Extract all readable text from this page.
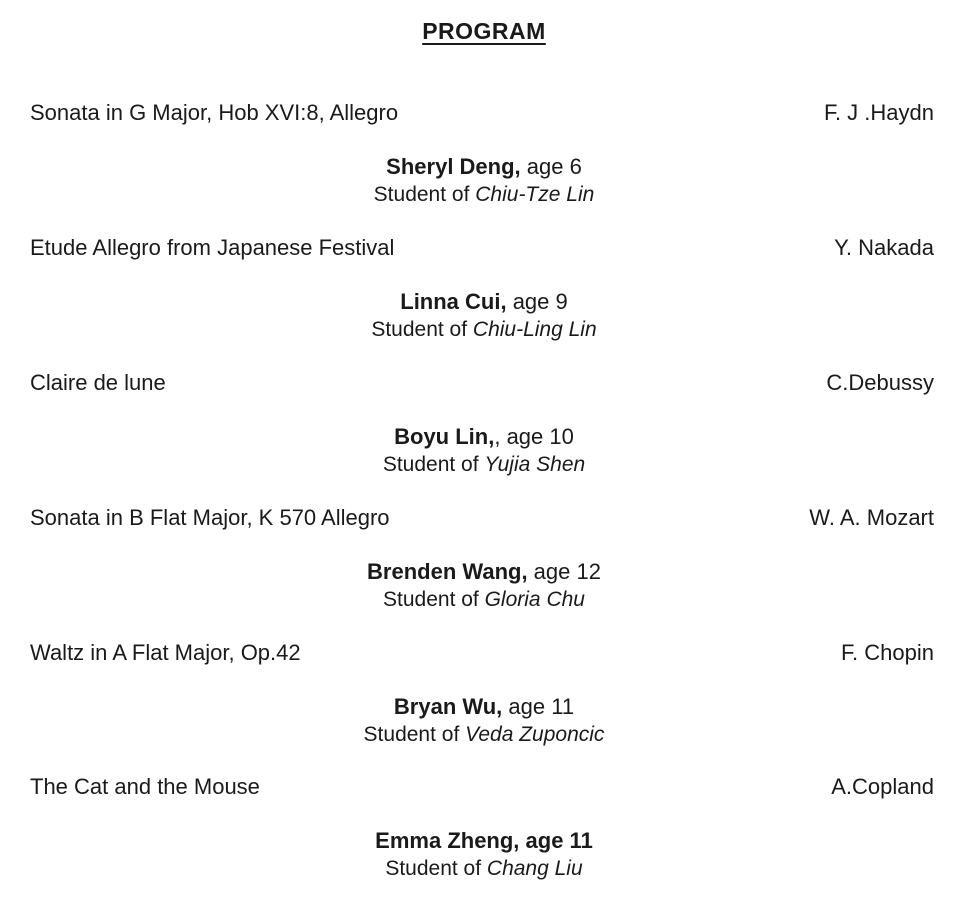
PROGRAM
Sonata in G Major, Hob XVI:8, Allegro	F. J .Haydn
Sheryl Deng, age 6
Student of Chiu-Tze Lin
Etude Allegro from Japanese Festival	Y. Nakada
Linna Cui, age 9
Student of Chiu-Ling Lin
Claire de lune	C.Debussy
Boyu Lin,, age 10
Student of Yujia Shen
Sonata in B Flat Major, K 570 Allegro	W. A. Mozart
Brenden Wang, age 12
Student of Gloria Chu
Waltz in A Flat Major, Op.42	F. Chopin
Bryan Wu, age 11
Student of Veda Zuponcic
The Cat and the Mouse	A.Copland
Emma Zheng, age 11
Student of Chang Liu
